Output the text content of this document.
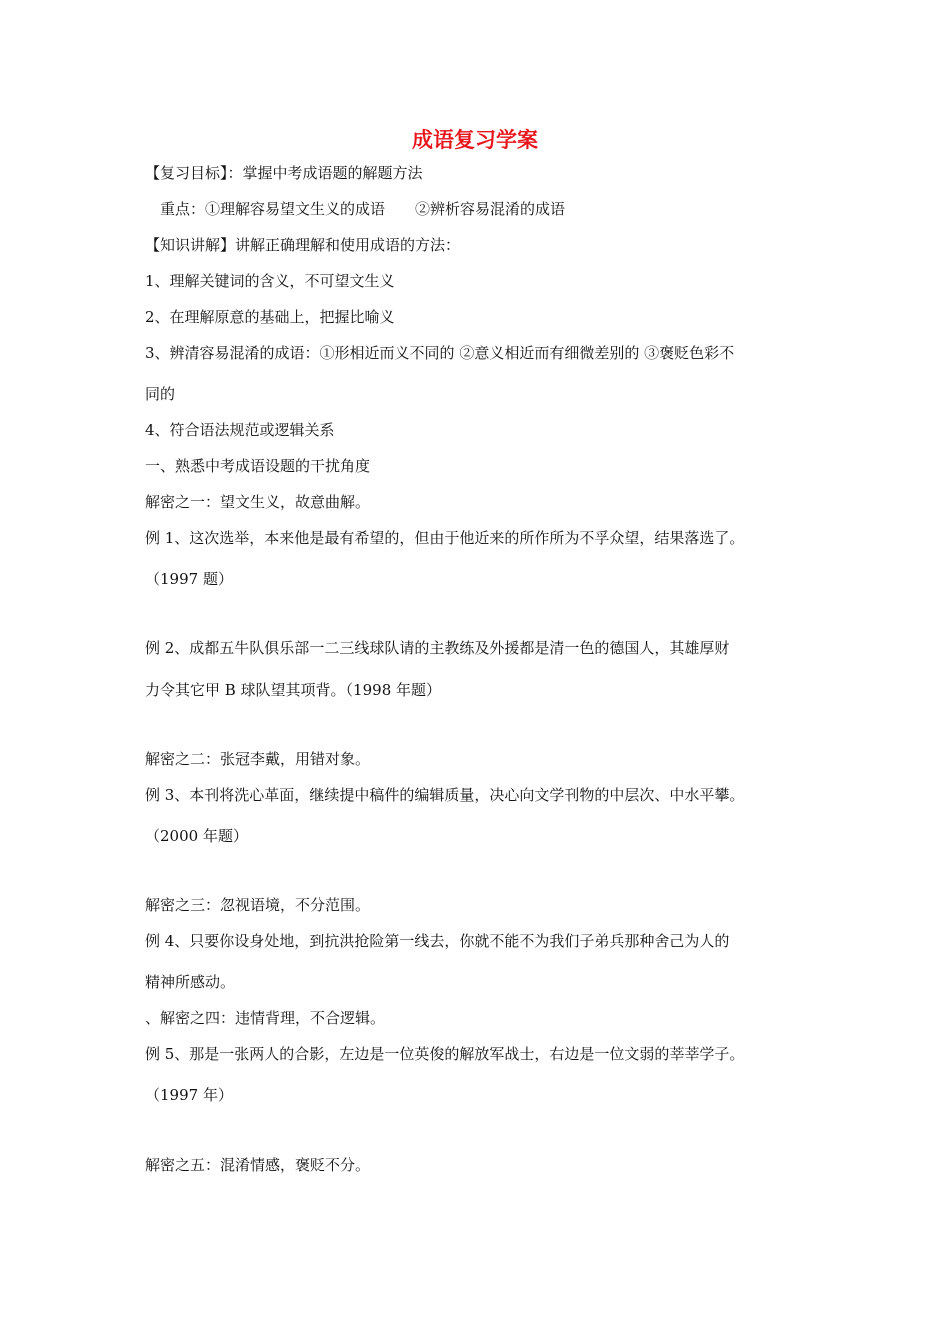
成语复习学案
【复习目标】：掌握中考成语题的解题方法
重点：①理解容易望文生义的成语 ②辨析容易混淆的成语
【知识讲解】讲解正确理解和使用成语的方法：
1、理解关键词的含义，不可望文生义
2、在理解原意的基础上，把握比喻义
3、辨清容易混淆的成语：①形相近而义不同的 ②意义相近而有细微差别的 ③褒贬色彩不
同的
4、符合语法规范或逻辑关系
一、熟悉中考成语设题的干扰角度
解密之一：望文生义，故意曲解。
例 1、这次选举，本来他是最有希望的，但由于他近来的所作所为不孚众望，结果落选了。
（1997 题）
例 2、成都五牛队俱乐部一二三线球队请的主教练及外援都是清一色的德国人，其雄厚财
力令其它甲 B 球队望其项背。（1998 年题）
解密之二：张冠李戴，用错对象。
例 3、本刊将洗心革面，继续提中稿件的编辑质量，决心向文学刊物的中层次、中水平攀。
（2000 年题）
解密之三：忽视语境，不分范围。
例 4、只要你设身处地，到抗洪抢险第一线去，你就不能不为我们子弟兵那种舍己为人的
精神所感动。
、解密之四：违情背理，不合逻辑。
例 5、那是一张两人的合影，左边是一位英俊的解放军战士，右边是一位文弱的莘莘学子。
（1997 年）
解密之五：混淆情感，褒贬不分。
